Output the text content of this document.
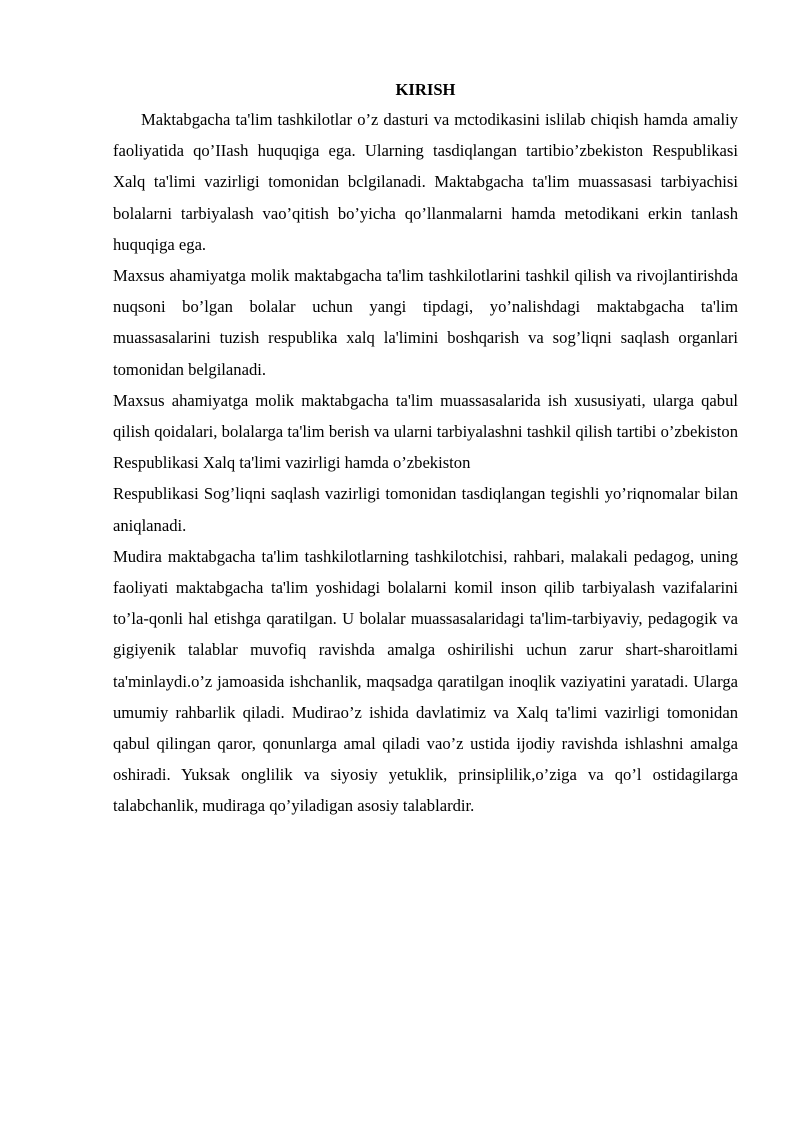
KIRISH

Maktabgacha ta'lim tashkilotlar o’z dasturi va mctodikasini islilab chiqish hamda amaliy faoliyatida qo’IIash huquqiga ega. Ularning tasdiqlangan tartibio’zbekiston Respublikasi Xalq ta'limi vazirligi tomonidan bclgilanadi. Maktabgacha ta'lim muassasasi tarbiyachisi bolalarni tarbiyalash vao’qitish bo’yicha qo’llanmalarni hamda metodikani erkin tanlash huquqiga ega.

Maxsus ahamiyatga molik maktabgacha ta'lim tashkilotlarini tashkil qilish va rivojlantirishda nuqsoni bo’lgan bolalar uchun yangi tipdagi, yo’nalishdagi maktabgacha ta'lim muassasalarini tuzish respublika xalq la'limini boshqarish va sog’liqni saqlash organlari tomonidan belgilanadi.

Maxsus ahamiyatga molik maktabgacha ta'lim muassasalarida ish xususiyati, ularga qabul qilish qoidalari, bolalarga ta'lim berish va ularni tarbiyalashni tashkil qilish tartibi o’zbekiston Respublikasi Xalq ta'limi vazirligi hamda o’zbekiston

Respublikasi Sog’liqni saqlash vazirligi tomonidan tasdiqlangan tegishli yo’riqnomalar bilan aniqlanadi.

Mudira maktabgacha ta'lim tashkilotlarning tashkilotchisi, rahbari, malakali pedagog, uning faoliyati maktabgacha ta'lim yoshidagi bolalarni komil inson qilib tarbiyalash vazifalarini to’la-qonli hal etishga qaratilgan. U bolalar muassasalaridagi ta'lim-tarbiyaviy, pedagogik va gigiyenik talablar muvofiq ravishda amalga oshirilishi uchun zarur shart-sharoitlami ta'minlaydi.o’z jamoasida ishchanlik, maqsadga qaratilgan inoqlik vaziyatini yaratadi. Ularga umumiy rahbarlik qiladi. Mudirao’z ishida davlatimiz va Xalq ta'limi vazirligi tomonidan qabul qilingan qaror, qonunlarga amal qiladi vao’z ustida ijodiy ravishda ishlashni amalga oshiradi. Yuksak onglilik va siyosiy yetuklik, prinsiplilik,o’ziga va qo’l ostidagilarga talabchanlik, mudiraga qo’yiladigan asosiy talablardir.
